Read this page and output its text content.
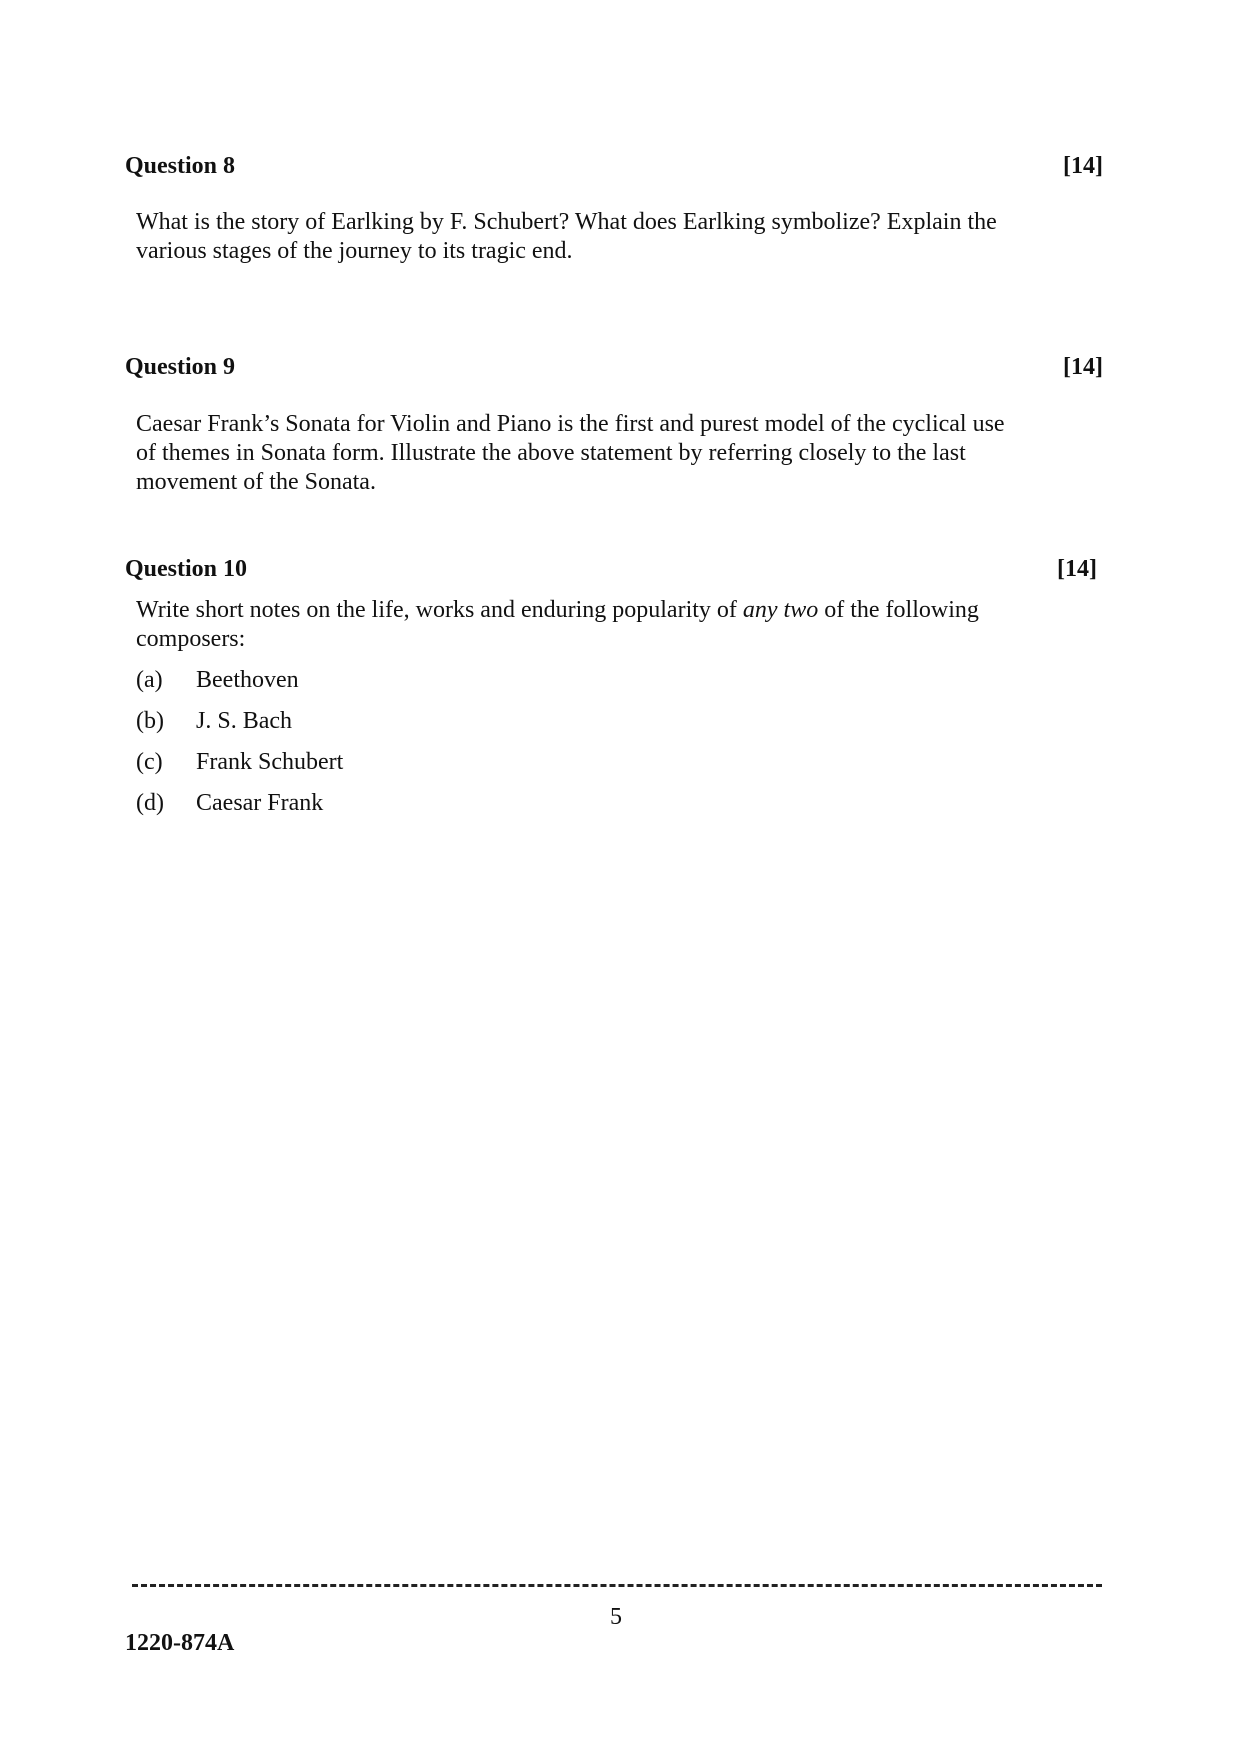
Question 8	[14]

What is the story of Earlking by F. Schubert? What does Earlking symbolize? Explain the various stages of the journey to its tragic end.

Question 9	[14]

Caesar Frank’s Sonata for Violin and Piano is the first and purest model of the cyclical use of themes in Sonata form. Illustrate the above statement by referring closely to the last movement of the Sonata.

Question 10	[14]

Write short notes on the life, works and enduring popularity of any two of the following composers:

(a)	Beethoven
(b)	J. S. Bach
(c)	Frank Schubert
(d)	Caesar Frank
5
1220-874A
